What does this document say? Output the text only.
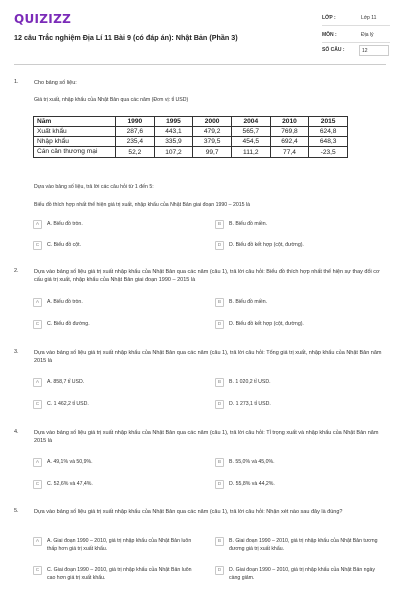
QUIZIZZ
12 câu Trắc nghiệm Địa Lí 11 Bài 9 (có đáp án): Nhật Bản (Phần 3)
LỚP :	Lớp 11
MÔN :	Địa lý
SỐ CÂU :	12
1.	Cho bảng số liệu:
Giá trị xuất, nhập khẩu của Nhật Bản qua các năm (Đơn vị: tỉ USD)
Năm	1990	1995	2000	2004	2010	2015
Xuất khẩu	287,6	443,1	479,2	565,7	769,8	624,8
Nhập khẩu	235,4	335,9	379,5	454,5	692,4	648,3
Cán cân thương mại	52,2	107,2	99,7	111,2	77,4	-23,5
Dựa vào bảng số liệu, trả lời các câu hỏi từ 1 đến 5:
Biểu đồ thích hợp nhất thể hiện giá trị xuất, nhập khẩu của Nhật Bản giai đoạn 1990 – 2015 là
A	A. Biểu đồ tròn.	B	B. Biểu đồ miền.
C	C. Biểu đồ cột.	D	D. Biểu đồ kết hợp (cột, đường).
2.	Dựa vào bảng số liệu giá trị xuất nhập khẩu của Nhật Bản qua các năm (câu 1), trả lời câu hỏi: Biểu đồ thích hợp nhất thể hiện sự thay đổi cơ cấu giá trị xuất, nhập khẩu của Nhật Bản giai đoạn 1990 – 2015 là
A	A. Biểu đồ tròn.	B	B. Biểu đồ miền.
C	C. Biểu đồ đường.	D	D. Biểu đồ kết hợp (cột, đường).
3.	Dựa vào bảng số liệu giá trị xuất nhập khẩu của Nhật Bản qua các năm (câu 1), trả lời câu hỏi: Tổng giá trị xuất, nhập khẩu của Nhật Bản năm 2015 là
A	A. 858,7 tỉ USD.	B	B. 1 020,2 tỉ USD.
C	C. 1 462,2 tỉ USD.	D	D. 1 273,1 tỉ USD.
4.	Dựa vào bảng số liệu giá trị xuất nhập khẩu của Nhật Bản qua các năm (câu 1), trả lời câu hỏi: Tỉ trọng xuất và nhập khẩu của Nhật Bản năm 2015 là
A	A. 49,1% và 50,9%.	B	B. 55,0% và 45,0%.
C	C. 52,6% và 47,4%.	D	D. 55,8% và 44,2%.
5.	Dựa vào bảng số liệu giá trị xuất nhập khẩu của Nhật Bản qua các năm (câu 1), trả lời câu hỏi: Nhận xét nào sau đây là đúng?
A	A. Giai đoạn 1990 – 2010, giá trị nhập khẩu của Nhật Bản luôn thấp hơn giá trị xuất khẩu.
B	B. Giai đoạn 1990 – 2010, giá trị nhập khẩu của Nhật Bản tương đương giá trị xuất khẩu.
C	C. Giai đoạn 1990 – 2010, giá trị nhập khẩu của Nhật Bản luôn cao hơn giá trị xuất khẩu.
D	D. Giai đoạn 1990 – 2010, giá trị nhập khẩu của Nhật Bản ngày càng giảm.
